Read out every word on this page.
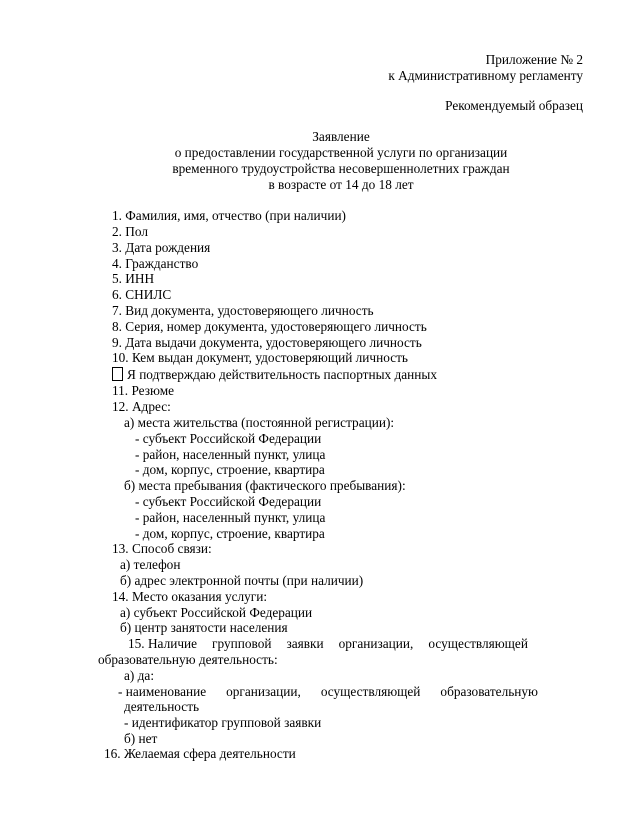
Приложение № 2
к Административному регламенту
Рекомендуемый образец
Заявление
о предоставлении государственной услуги по организации
временного трудоустройства несовершеннолетних граждан
в возрасте от 14 до 18 лет
1. Фамилия, имя, отчество (при наличии)
2. Пол
3. Дата рождения
4. Гражданство
5. ИНН
6. СНИЛС
7. Вид документа, удостоверяющего личность
8. Серия, номер документа, удостоверяющего личность
9. Дата выдачи документа, удостоверяющего личность
10. Кем выдан документ, удостоверяющий личность
Я подтверждаю действительность паспортных данных
11. Резюме
12. Адрес:
а) места жительства (постоянной регистрации):
- субъект Российской Федерации
- район, населенный пункт, улица
- дом, корпус, строение, квартира
б) места пребывания (фактического пребывания):
- субъект Российской Федерации
- район, населенный пункт, улица
- дом, корпус, строение, квартира
13. Способ связи:
а) телефон
б) адрес электронной почты (при наличии)
14. Место оказания услуги:
а) субъект Российской Федерации
б) центр занятости населения
15. Наличие групповой заявки организации, осуществляющей
образовательную деятельность:
а) да:
- наименование организации, осуществляющей образовательную
деятельность
- идентификатор групповой заявки
б) нет
16. Желаемая сфера деятельности
